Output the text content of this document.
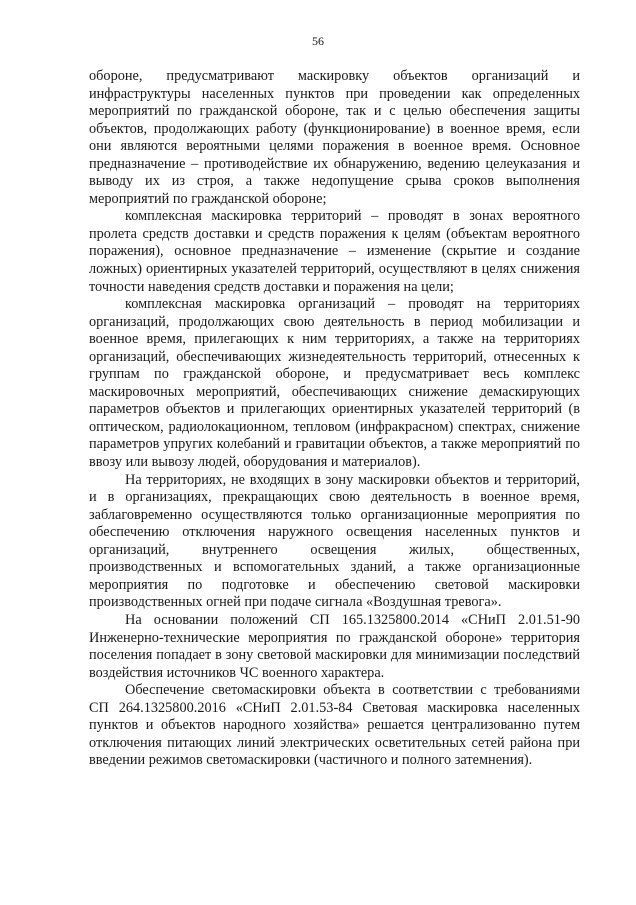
56

обороне, предусматривают маскировку объектов организаций и инфраструктуры населенных пунктов при проведении как определенных мероприятий по гражданской обороне, так и с целью обеспечения защиты объектов, продолжающих работу (функционирование) в военное время, если они являются вероятными целями поражения в военное время. Основное предназначение – противодействие их обнаружению, ведению целеуказания и выводу их из строя, а также недопущение срыва сроков выполнения мероприятий по гражданской обороне;

комплексная маскировка территорий – проводят в зонах вероятного пролета средств доставки и средств поражения к целям (объектам вероятного поражения), основное предназначение – изменение (скрытие и создание ложных) ориентирных указателей территорий, осуществляют в целях снижения точности наведения средств доставки и поражения на цели;

комплексная маскировка организаций – проводят на территориях организаций, продолжающих свою деятельность в период мобилизации и военное время, прилегающих к ним территориях, а также на территориях организаций, обеспечивающих жизнедеятельность территорий, отнесенных к группам по гражданской обороне, и предусматривает весь комплекс маскировочных мероприятий, обеспечивающих снижение демаскирующих параметров объектов и прилегающих ориентирных указателей территорий (в оптическом, радиолокационном, тепловом (инфракрасном) спектрах, снижение параметров упругих колебаний и гравитации объектов, а также мероприятий по ввозу или вывозу людей, оборудования и материалов).

На территориях, не входящих в зону маскировки объектов и территорий, и в организациях, прекращающих свою деятельность в военное время, заблаговременно осуществляются только организационные мероприятия по обеспечению отключения наружного освещения населенных пунктов и организаций, внутреннего освещения жилых, общественных, производственных и вспомогательных зданий, а также организационные мероприятия по подготовке и обеспечению световой маскировки производственных огней при подаче сигнала «Воздушная тревога».

На основании положений СП 165.1325800.2014 «СНиП 2.01.51-90 Инженерно-технические мероприятия по гражданской обороне» территория поселения попадает в зону световой маскировки для минимизации последствий воздействия источников ЧС военного характера.

Обеспечение светомаскировки объекта в соответствии с требованиями СП 264.1325800.2016 «СНиП 2.01.53-84 Световая маскировка населенных пунктов и объектов народного хозяйства» решается централизованно путем отключения питающих линий электрических осветительных сетей района при введении режимов светомаскировки (частичного и полного затемнения).
